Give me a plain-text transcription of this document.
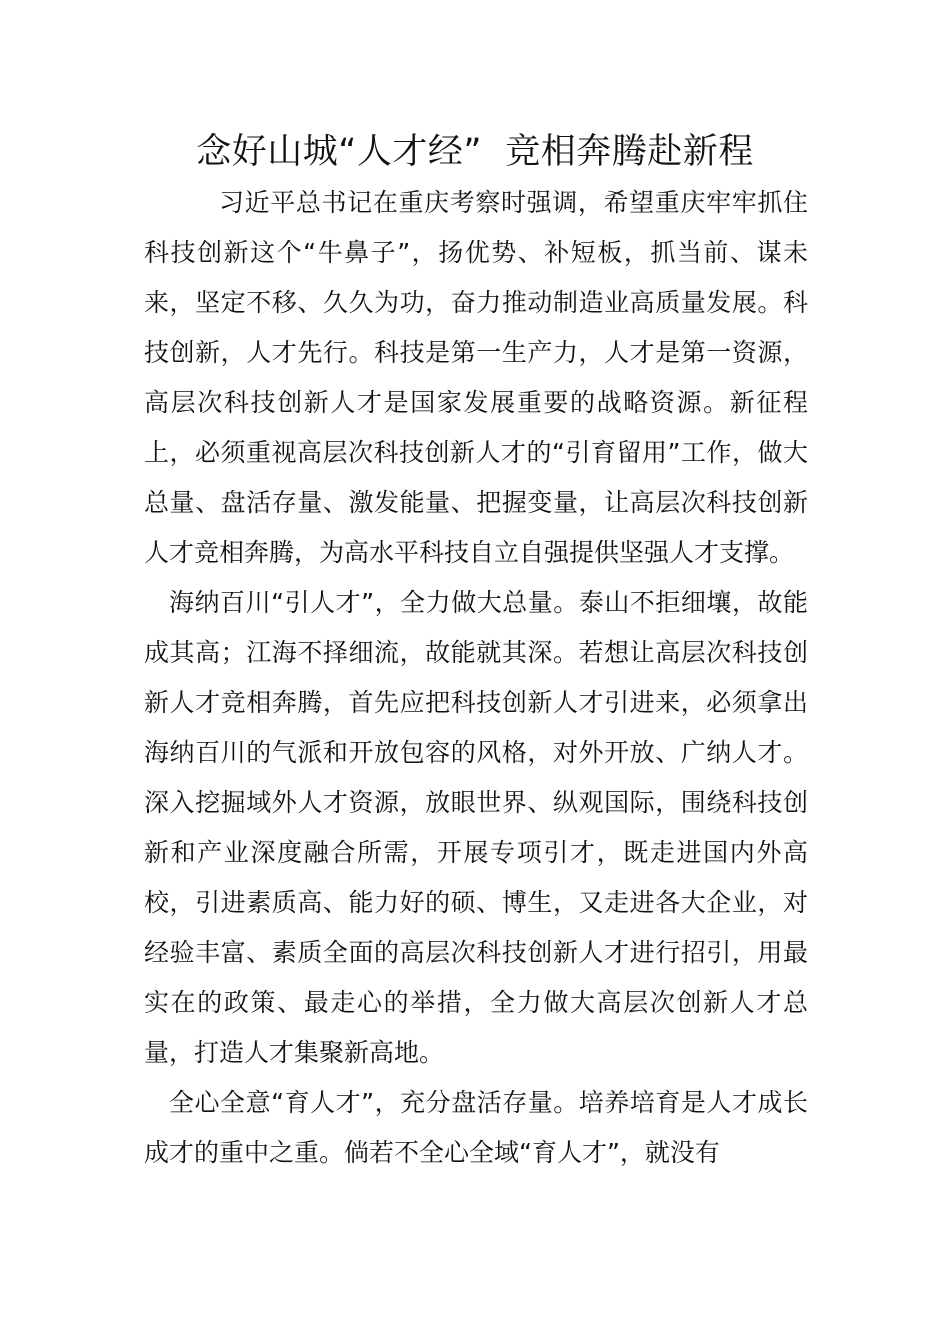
念好山城“人才经”  竞相奔腾赴新程

习近平总书记在重庆考察时强调，希望重庆牢牢抓住科技创新这个“牛鼻子”，扬优势、补短板，抓当前、谋未来，坚定不移、久久为功，奋力推动制造业高质量发展。科技创新，人才先行。科技是第一生产力，人才是第一资源，高层次科技创新人才是国家发展重要的战略资源。新征程上，必须重视高层次科技创新人才的“引育留用”工作，做大总量、盘活存量、激发能量、把握变量，让高层次科技创新人才竞相奔腾，为高水平科技自立自强提供坚强人才支撑。

海纳百川“引人才”，全力做大总量。泰山不拒细壤，故能成其高；江海不择细流，故能就其深。若想让高层次科技创新人才竞相奔腾，首先应把科技创新人才引进来，必须拿出海纳百川的气派和开放包容的风格，对外开放、广纳人才。深入挖掘域外人才资源，放眼世界、纵观国际，围绕科技创新和产业深度融合所需，开展专项引才，既走进国内外高校，引进素质高、能力好的硕、博生，又走进各大企业，对经验丰富、素质全面的高层次科技创新人才进行招引，用最实在的政策、最走心的举措，全力做大高层次创新人才总量，打造人才集聚新高地。

全心全意“育人才”，充分盘活存量。培养培育是人才成长成才的重中之重。倘若不全心全域“育人才”，就没有
